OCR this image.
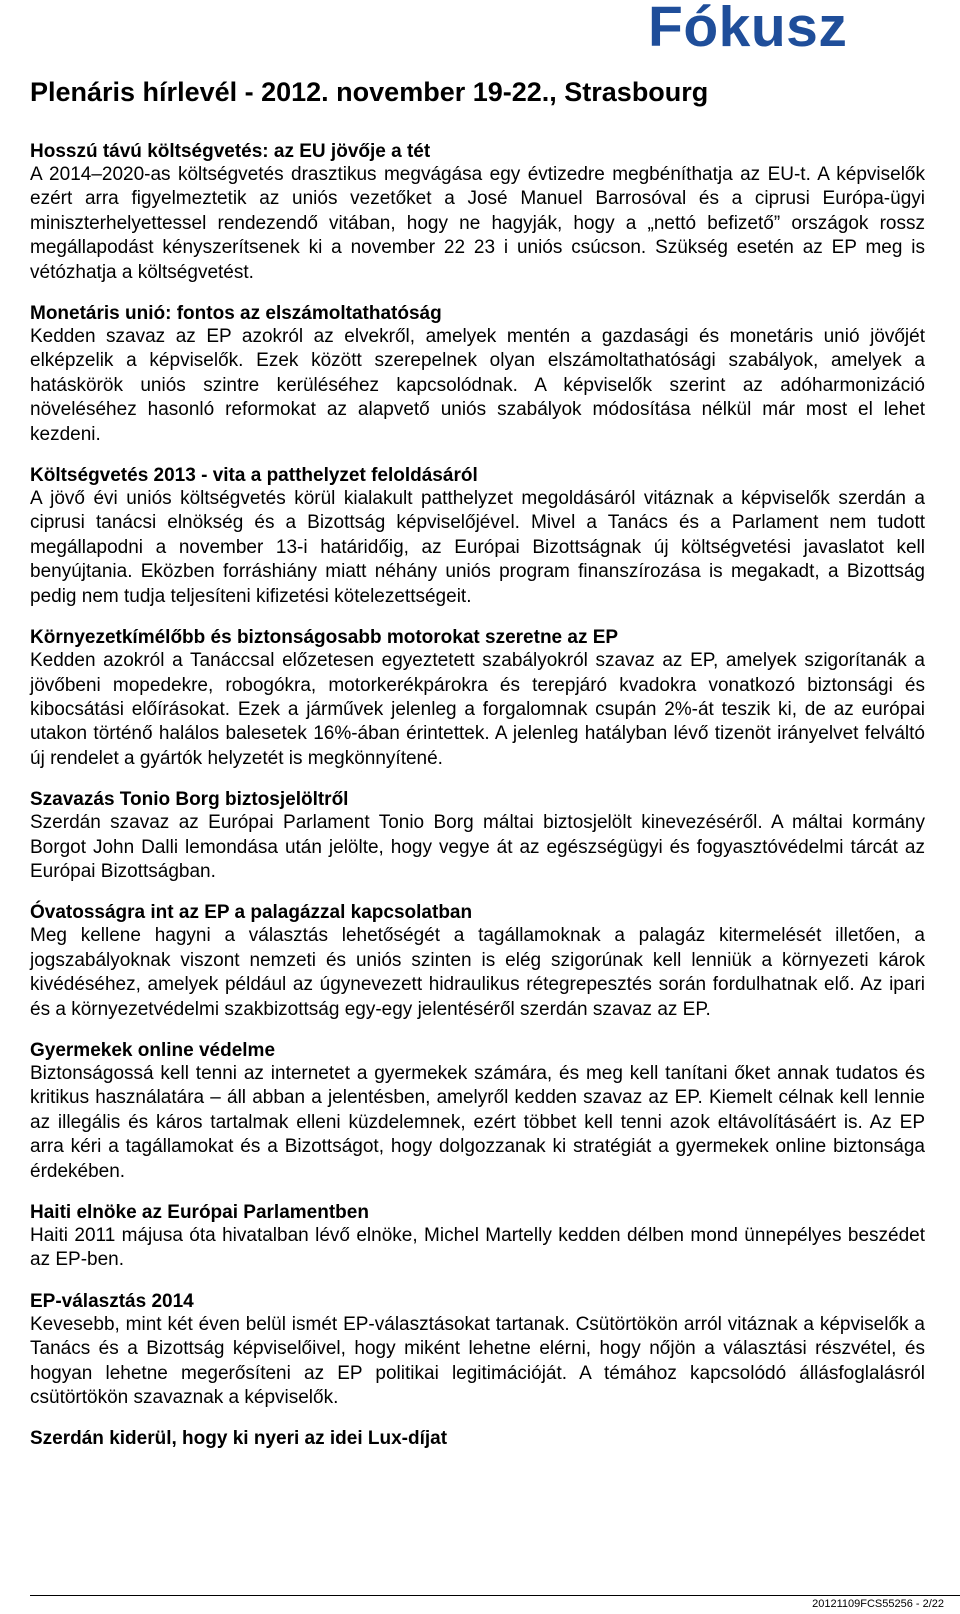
Fókusz
Plenáris hírlevél - 2012. november 19-22., Strasbourg
Hosszú távú költségvetés: az EU jövője a tét

A 2014–2020-as költségvetés drasztikus megvágása egy évtizedre megbéníthatja az EU-t. A képviselők ezért arra figyelmeztetik az uniós vezetőket a José Manuel Barrosóval és a ciprusi Európa-ügyi miniszterhelyettessel rendezendő vitában, hogy ne hagyják, hogy a „nettó befizető” országok rossz megállapodást kényszerítsenek ki a november 22 23 i uniós csúcson. Szükség esetén az EP meg is vétózhatja a költségvetést.

Monetáris unió: fontos az elszámoltathatóság

Kedden szavaz az EP azokról az elvekről, amelyek mentén a gazdasági és monetáris unió jövőjét elképzelik a képviselők. Ezek között szerepelnek olyan elszámoltathatósági szabályok, amelyek a hatáskörök uniós szintre kerüléséhez kapcsolódnak. A képviselők szerint az adóharmonizáció növeléséhez hasonló reformokat az alapvető uniós szabályok módosítása nélkül már most el lehet kezdeni.

Költségvetés 2013 - vita a patthelyzet feloldásáról

A jövő évi uniós költségvetés körül kialakult patthelyzet megoldásáról vitáznak a képviselők szerdán a ciprusi tanácsi elnökség és a Bizottság képviselőjével. Mivel a Tanács és a Parlament nem tudott megállapodni a november 13-i határidőig, az Európai Bizottságnak új költségvetési javaslatot kell benyújtania. Eközben forráshiány miatt néhány uniós program finanszírozása is megakadt, a Bizottság pedig nem tudja teljesíteni kifizetési kötelezettségeit.

Környezetkímélőbb és biztonságosabb motorokat szeretne az EP

Kedden azokról a Tanáccsal előzetesen egyeztetett szabályokról szavaz az EP, amelyek szigorítanák a jövőbeni mopedekre, robogókra, motorkerékpárokra és terepjáró kvadokra vonatkozó biztonsági és kibocsátási előírásokat. Ezek a járművek jelenleg a forgalomnak csupán 2%-át teszik ki, de az európai utakon történő halálos balesetek 16%-ában érintettek. A jelenleg hatályban lévő tizenöt irányelvet felváltó új rendelet a gyártók helyzetét is megkönnyítené.

Szavazás Tonio Borg biztosjelöltről

Szerdán szavaz az Európai Parlament Tonio Borg máltai biztosjelölt kinevezéséről. A máltai kormány Borgot John Dalli lemondása után jelölte, hogy vegye át az egészségügyi és fogyasztóvédelmi tárcát az Európai Bizottságban.

Óvatosságra int az EP a palagázzal kapcsolatban

Meg kellene hagyni a választás lehetőségét a tagállamoknak a palagáz kitermelését illetően, a jogszabályoknak viszont nemzeti és uniós szinten is elég szigorúnak kell lenniük a környezeti károk kivédéséhez, amelyek például az úgynevezett hidraulikus rétegrepesztés során fordulhatnak elő. Az ipari és a környezetvédelmi szakbizottság egy-egy jelentéséről szerdán szavaz az EP.

Gyermekek online védelme

Biztonságossá kell tenni az internetet a gyermekek számára, és meg kell tanítani őket annak tudatos és kritikus használatára – áll abban a jelentésben, amelyről kedden szavaz az EP. Kiemelt célnak kell lennie az illegális és káros tartalmak elleni küzdelemnek, ezért többet kell tenni azok eltávolításáért is. Az EP arra kéri a tagállamokat és a Bizottságot, hogy dolgozzanak ki stratégiát a gyermekek online biztonsága érdekében.

Haiti elnöke az Európai Parlamentben

Haiti 2011 májusa óta hivatalban lévő elnöke, Michel Martelly kedden délben mond ünnepélyes beszédet az EP-ben.

EP-választás 2014

Kevesebb, mint két éven belül ismét EP-választásokat tartanak. Csütörtökön arról vitáznak a képviselők a Tanács és a Bizottság képviselőivel, hogy miként lehetne elérni, hogy nőjön a választási részvétel, és hogyan lehetne megerősíteni az EP politikai legitimációját. A témához kapcsolódó állásfoglalásról csütörtökön szavaznak a képviselők.

Szerdán kiderül, hogy ki nyeri az idei Lux-díjat
20121109FCS55256 - 2/22
